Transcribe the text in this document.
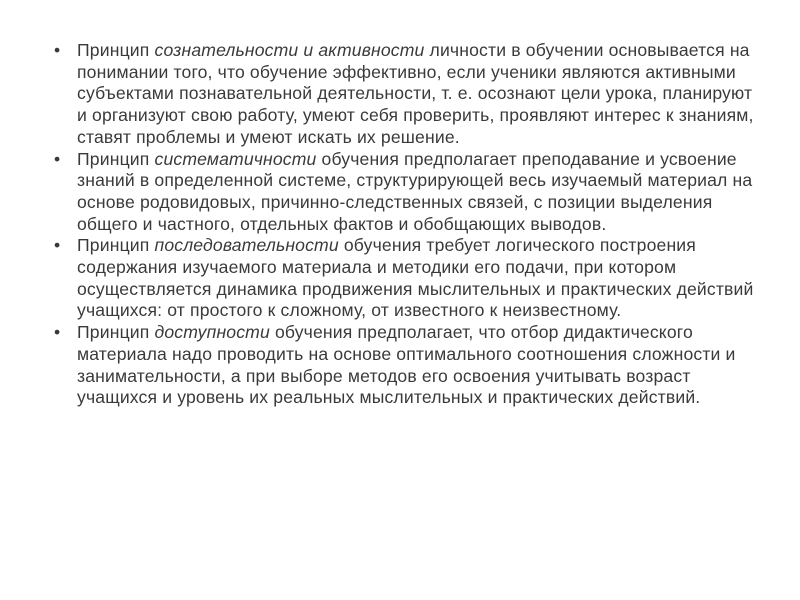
• Принцип сознательности и активности личности в обучении основывается на понимании того, что обучение эффективно, если ученики являются активными субъектами познавательной деятельности, т. е. осознают цели урока, планируют и организуют свою работу, умеют себя проверить, проявляют интерес к знаниям, ставят проблемы и умеют искать их решение.
• Принцип систематичности обучения предполагает преподавание и усвоение знаний в определенной системе, структурирующей весь изучаемый материал на основе родовидовых, причинно-следственных связей, с позиции выделения общего и частного, отдельных фактов и обобщающих выводов.
• Принцип последовательности обучения требует логического построения содержания изучаемого материала и методики его подачи, при котором осуществляется динамика продвижения мыслительных и практических действий учащихся: от простого к сложному, от известного к неизвестному.
• Принцип доступности обучения предполагает, что отбор дидактического материала надо проводить на основе оптимального соотношения сложности и занимательности, а при выборе методов его освоения учитывать возраст учащихся и уровень их реальных мыслительных и практических действий.
